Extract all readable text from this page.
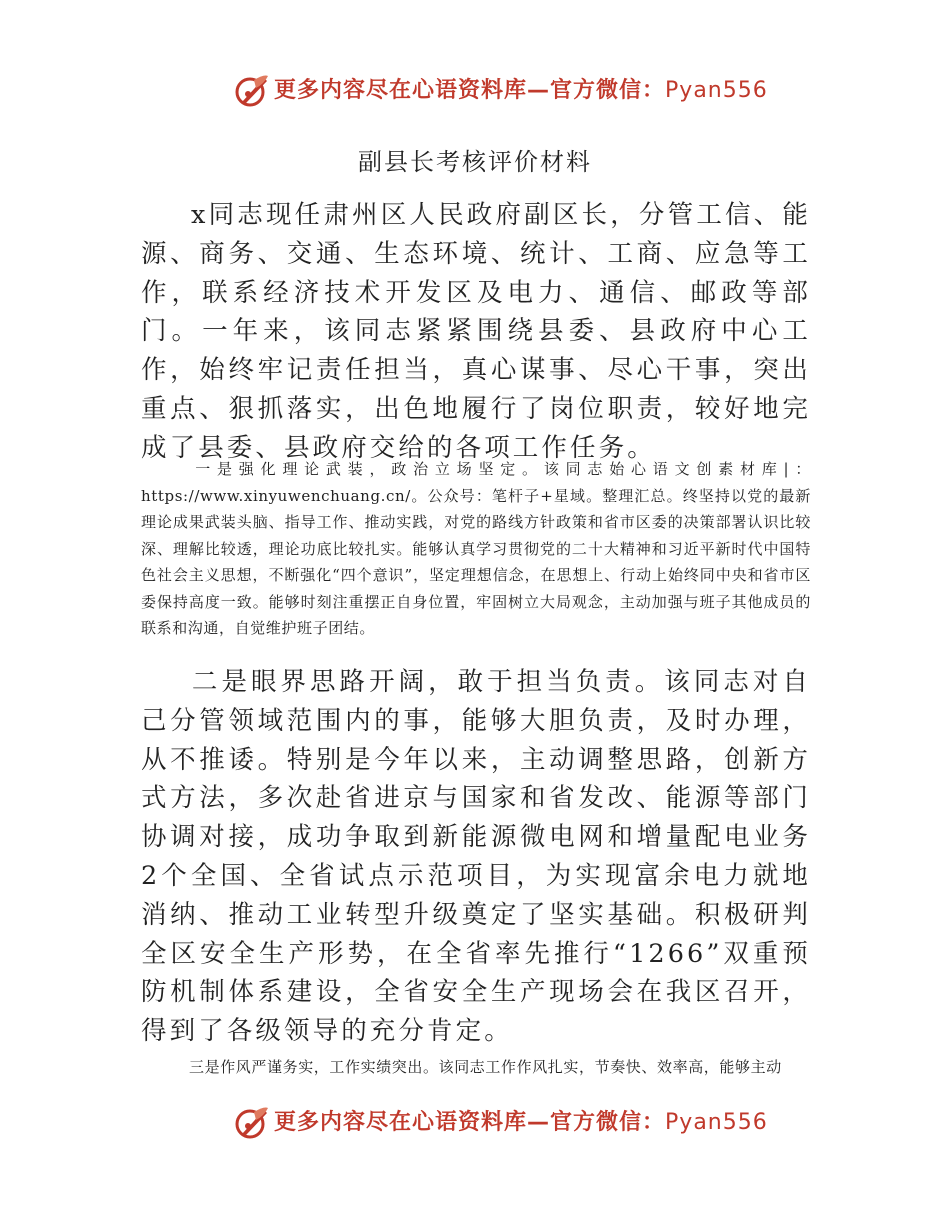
更多内容尽在心语资料库—官方微信：Pyan556
副县长考核评价材料

x同志现任肃州区人民政府副区长，分管工信、能源、商务、交通、生态环境、统计、工商、应急等工作，联系经济技术开发区及电力、通信、邮政等部门。一年来，该同志紧紧围绕县委、县政府中心工作，始终牢记责任担当，真心谋事、尽心干事，突出重点、狠抓落实，出色地履行了岗位职责，较好地完成了县委、县政府交给的各项工作任务。

一是强化理论武装，政治立场坚定。该同志始心语文创素材库|：https://www.xinyuwenchuang.cn/。公众号：笔杆子+星域。整理汇总。终坚持以党的最新理论成果武装头脑、指导工作、推动实践，对党的路线方针政策和省市区委的决策部署认识比较深、理解比较透，理论功底比较扎实。能够认真学习贯彻党的二十大精神和习近平新时代中国特色社会主义思想，不断强化“四个意识”，坚定理想信念，在思想上、行动上始终同中央和省市区委保持高度一致。能够时刻注重摆正自身位置，牢固树立大局观念，主动加强与班子其他成员的联系和沟通，自觉维护班子团结。

二是眼界思路开阔，敢于担当负责。该同志对自己分管领域范围内的事，能够大胆负责，及时办理，从不推诿。特别是今年以来，主动调整思路，创新方式方法，多次赴省进京与国家和省发改、能源等部门协调对接，成功争取到新能源微电网和增量配电业务2个全国、全省试点示范项目，为实现富余电力就地消纳、推动工业转型升级奠定了坚实基础。积极研判全区安全生产形势，在全省率先推行“1266”双重预防机制体系建设，全省安全生产现场会在我区召开，得到了各级领导的充分肯定。

三是作风严谨务实，工作实绩突出。该同志工作作风扎实，节奏快、效率高，能够主动

更多内容尽在心语资料库—官方微信：Pyan556
